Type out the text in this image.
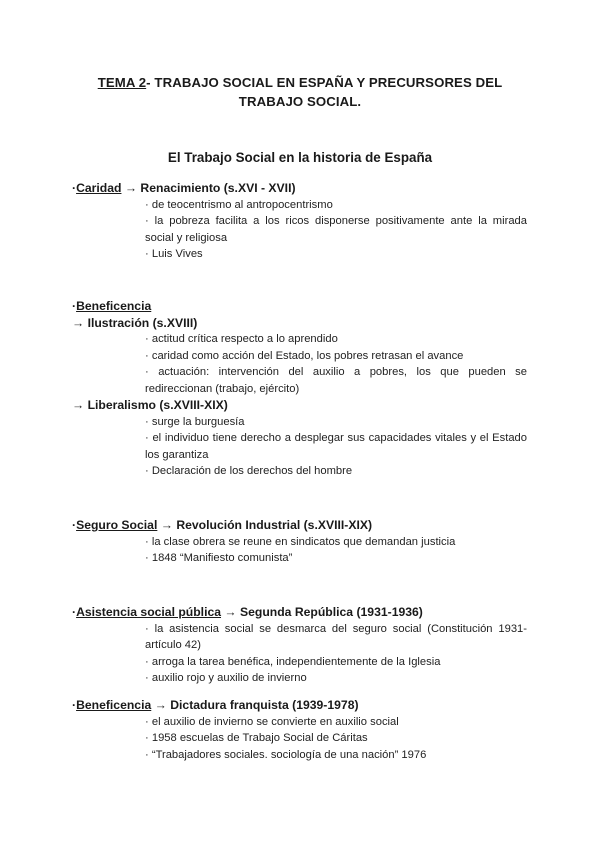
TEMA 2- TRABAJO SOCIAL EN ESPAÑA Y PRECURSORES DEL
TRABAJO SOCIAL.
El Trabajo Social en la historia de España
·Caridad → Renacimiento (s.XVI - XVII)
· de teocentrismo al antropocentrismo
· la pobreza facilita a los ricos disponerse positivamente ante la mirada social y religiosa
· Luis Vives
·Beneficencia
→ Ilustración (s.XVIII)
· actitud crítica respecto a lo aprendido
· caridad como acción del Estado, los pobres retrasan el avance
· actuación: intervención del auxilio a pobres, los que pueden se redireccionan (trabajo, ejército)
→ Liberalismo (s.XVIII-XIX)
· surge la burguesía
· el individuo tiene derecho a desplegar sus capacidades vitales y el Estado los garantiza
· Declaración de los derechos del hombre
·Seguro Social → Revolución Industrial (s.XVIII-XIX)
· la clase obrera se reune en sindicatos que demandan justicia
· 1848 “Manifiesto comunista”
·Asistencia social pública → Segunda República (1931-1936)
· la asistencia social se desmarca del seguro social (Constitución 1931- artículo 42)
· arroga la tarea benéfica, independientemente de la Iglesia
· auxilio rojo y auxilio de invierno
·Beneficencia → Dictadura franquista (1939-1978)
· el auxilio de invierno se convierte en auxilio social
· 1958 escuelas de Trabajo Social de Cáritas
· “Trabajadores sociales. sociología de una nación” 1976
